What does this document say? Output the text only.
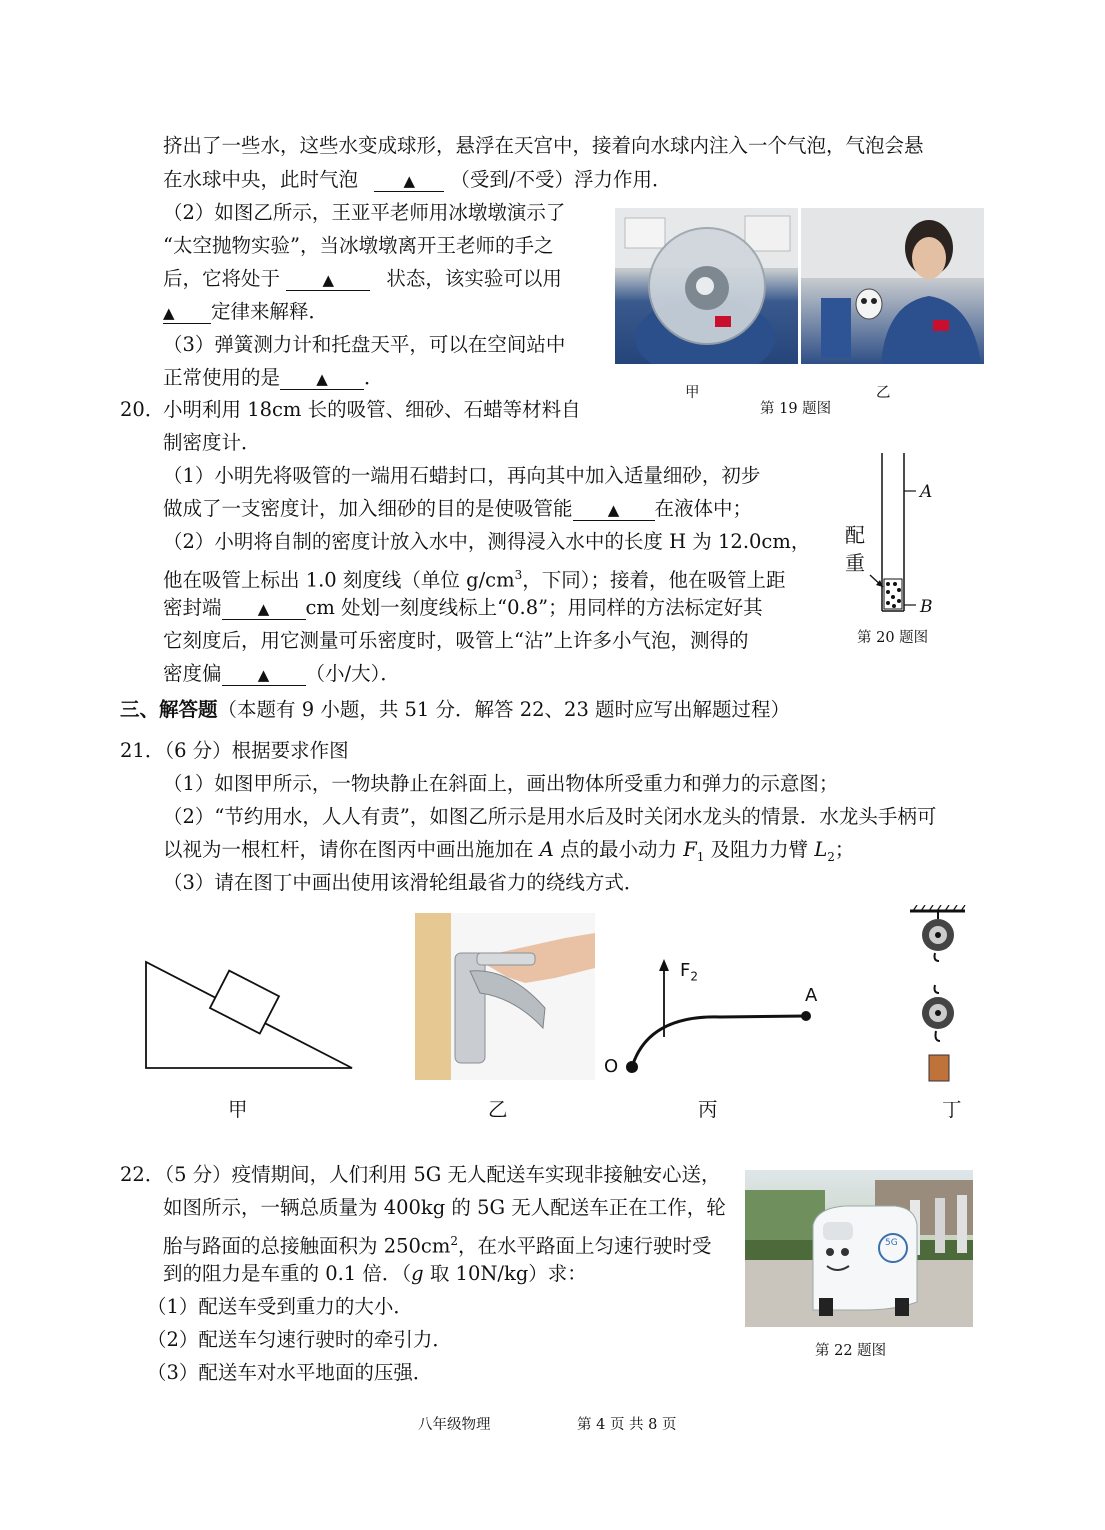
挤出了一些水，这些水变成球形，悬浮在天宫中，接着向水球内注入一个气泡，气泡会悬
在水球中央，此时气泡	▲ （受到/不受）浮力作用．
（2）如图乙所示，王亚平老师用冰墩墩演示了
“太空抛物实验”，当冰墩墩离开王老师的手之
后，它将处于	▲	状态，该实验可以用
▲ 定律来解释．
（3）弹簧测力计和托盘天平，可以在空间站中
正常使用的是 ▲ ．
甲
第 19 题图
乙
20．
小明利用 18cm 长的吸管、细砂、石蜡等材料自
制密度计．
（1）小明先将吸管的一端用石蜡封口，再向其中加入适量细砂，初步
做成了一支密度计，加入细砂的目的是使吸管能 ▲ 在液体中；
（2）小明将自制的密度计放入水中，测得浸入水中的长度 H 为 12.0cm，
他在吸管上标出 1.0 刻度线（单位 $g/cm^3$，下同）；接着，他在吸管上距
密封端 ▲ cm 处划一刻度线标上“0.8”；用同样的方法标定好其
它刻度后，用它测量可乐密度时，吸管上“沾”上许多小气泡，测得的
密度偏 ▲ （小/大）．
配
重
A
B
第 20 题图
三、解答题（本题有 9 小题，共 51 分．解答 22、23 题时应写出解题过程）
21．（6 分）根据要求作图
（1）如图甲所示，一物块静止在斜面上，画出物体所受重力和弹力的示意图；
（2）“节约用水，人人有责”，如图乙所示是用水后及时关闭水龙头的情景．水龙头手柄可
以视为一根杠杆，请你在图丙中画出施加在 A 点的最小动力 $F_1$ 及阻力力臂 $L_2$；
（3）请在图丁中画出使用该滑轮组最省力的绕线方式．
$F_2$
A
O
甲	乙	丙	丁
22．（5 分）疫情期间，人们利用 5G 无人配送车实现非接触安心送，
如图所示，一辆总质量为 400kg 的 5G 无人配送车正在工作，轮
胎与路面的总接触面积为 $250cm^2$，在水平路面上匀速行驶时受
到的阻力是车重的 0.1 倍．（g 取 10N/kg）求：
（1）配送车受到重力的大小．
（2）配送车匀速行驶时的牵引力．
（3）配送车对水平地面的压强．
5G
第 22 题图
八年级物理	第 4 页 共 8 页
